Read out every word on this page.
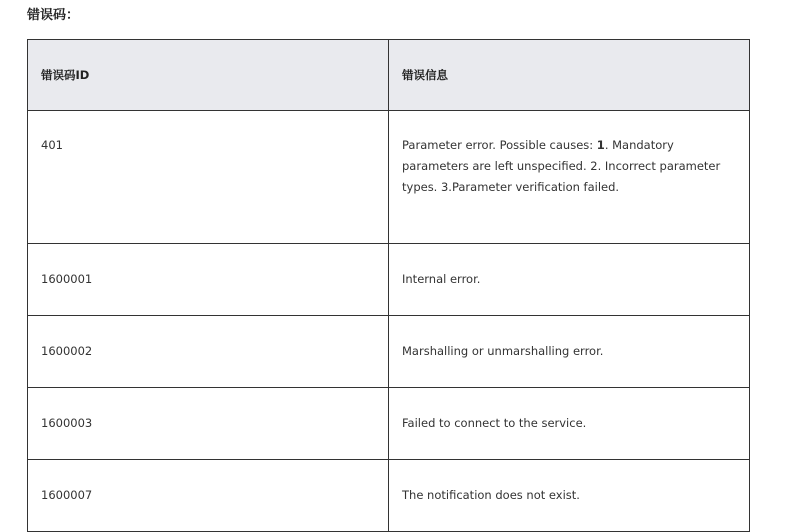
错误码：
错误码ID	错误信息
401	Parameter error. Possible causes: 1. Mandatory parameters are left unspecified. 2. Incorrect parameter types. 3.Parameter verification failed.
1600001	Internal error.
1600002	Marshalling or unmarshalling error.
1600003	Failed to connect to the service.
1600007	The notification does not exist.
